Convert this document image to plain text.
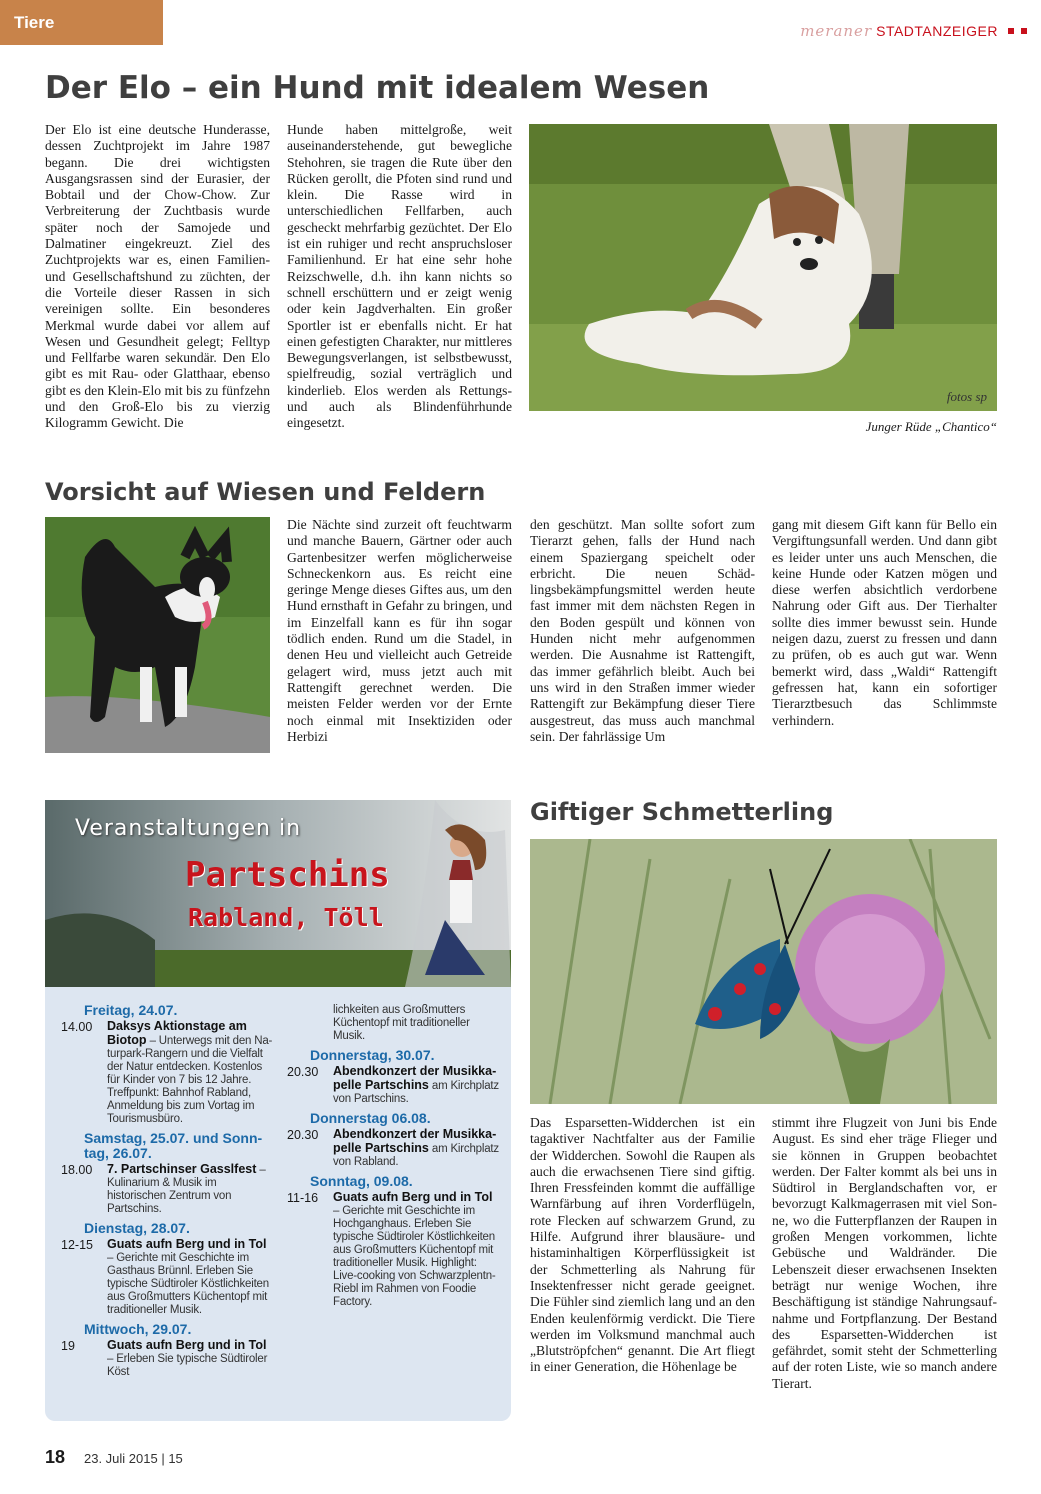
Tiere	meraner STADTANZEIGER
Der Elo – ein Hund mit idealem Wesen
Der Elo ist eine deutsche Hunderasse, dessen Zuchtprojekt im Jahre 1987 begann. Die drei wichtigsten Ausgangsrassen sind der Eurasier, der Bobtail und der Chow-Chow. Zur Verbreiterung der Zuchtbasis wurde später noch der Samojede und Dalmatiner eingekreuzt. Ziel des Zuchtprojekts war es, einen Familien- und Gesellschaftshund zu züchten, der die Vorteile dieser Rassen in sich vereinigen sollte. Ein besonderes Merkmal wurde dabei vor allem auf Wesen und Gesundheit gelegt; Felltyp und Fellfarbe waren sekundär. Den Elo gibt es mit Rau- oder Glatthaar, ebenso gibt es den Klein-Elo mit bis zu fünfzehn und den Groß-Elo bis zu vierzig Kilogramm Gewicht. Die
Hunde haben mittelgroße, weit auseinanderstehende, gut bewegliche Stehohren, sie tragen die Rute über den Rücken gerollt, die Pfoten sind rund und klein. Die Rasse wird in unterschiedlichen Fellfarben, auch gescheckt mehrfarbig gezüchtet. Der Elo ist ein ruhiger und recht anspruchsloser Familienhund. Er hat eine sehr hohe Reizschwelle, d.h. ihn kann nichts so schnell erschüttern und er zeigt wenig oder kein Jagdverhalten. Ein großer Sportler ist er ebenfalls nicht. Er hat einen gefestigten Charakter, nur mittleres Bewegungsverlangen, ist selbstbewusst, spielfreudig, sozial verträglich und kinderlieb. Elos werden als Rettungs- und auch als Blindenführhunde eingesetzt.
fotos sp
Junger Rüde „Chantico“
Vorsicht auf Wiesen und Feldern
Die Nächte sind zurzeit oft feuchtwarm und manche Bauern, Gärtner oder auch Gartenbesitzer werfen möglicherweise Schneckenkorn aus. Es reicht eine geringe Menge dieses Giftes aus, um den Hund ernsthaft in Gefahr zu bringen, und im Einzelfall kann es für ihn sogar tödlich enden. Rund um die Stadel, in denen Heu und vielleicht auch Getreide gelagert wird, muss jetzt auch mit Rattengift gerechnet werden. Die meisten Felder werden vor der Ernte noch einmal mit Insektiziden oder Herbizi
den geschützt. Man sollte sofort zum Tierarzt gehen, falls der Hund nach einem Spaziergang speichelt oder erbricht. Die neuen Schädlingsbekämpfungsmittel werden heute fast immer mit dem nächsten Regen in den Boden gespült und können von Hunden nicht mehr aufgenommen werden. Die Ausnahme ist Rattengift, das immer gefährlich bleibt. Auch bei uns wird in den Straßen immer wieder Rattengift zur Bekämpfung dieser Tiere ausgestreut, das muss auch manchmal sein. Der fahrlässige Um
gang mit diesem Gift kann für Bello ein Vergiftungsunfall werden. Und dann gibt es leider unter uns auch Menschen, die keine Hunde oder Katzen mögen und diese werfen absichtlich verdorbene Nahrung oder Gift aus. Der Tierhalter sollte dies immer bewusst sein. Hunde neigen dazu, zuerst zu fressen und dann zu prüfen, ob es auch gut war. Wenn bemerkt wird, dass „Waldi“ Rattengift gefressen hat, kann ein sofortiger Tierarztbesuch das Schlimmste verhindern.
Veranstaltungen in
Partschins
Rabland, Töll
Freitag, 24.07.
14.00	Daksys Aktionstage am Biotop – Unterwegs mit den Naturpark-Rangern und die Vielfalt der Natur entdecken. Kostenlos für Kinder von 7 bis 12 Jahre. Treffpunkt: Bahnhof Rabland, Anmeldung bis zum Vortag im Tourismusbüro.
Samstag, 25.07. und Sonntag, 26.07.
18.00	7. Partschinser Gasslfest – Kulinarium & Musik im historischen Zentrum von Partschins.
Dienstag, 28.07.
12-15	Guats aufn Berg und in Tol – Gerichte mit Geschichte im Gasthaus Brünnl. Erleben Sie typische Südtiroler Köstlichkeiten aus Großmutters Küchentopf mit traditioneller Musik.
Mittwoch, 29.07.
19	Guats aufn Berg und in Tol – Erleben Sie typische Südtiroler Köst
lichkeiten aus Großmutters Küchentopf mit traditioneller Musik.
Donnerstag, 30.07.
20.30	Abendkonzert der Musikkapelle Partschins am Kirchplatz von Partschins.
Donnerstag 06.08.
20.30	Abendkonzert der Musikkapelle Partschins am Kirchplatz von Rabland.
Sonntag, 09.08.
11-16	Guats aufn Berg und in Tol – Gerichte mit Geschichte im Hochganghaus. Erleben Sie typische Südtiroler Köstlichkeiten aus Großmutters Küchentopf mit traditioneller Musik. Highlight: Live-cooking von Schwarzplentn-Riebl im Rahmen von Foodie Factory.
Giftiger Schmetterling
Das Esparsetten-Widderchen ist ein tagaktiver Nachtfalter aus der Familie der Widderchen. Sowohl die Raupen als auch die erwachsenen Tiere sind giftig. Ihren Fressfeinden kommt die auffällige Warnfärbung auf ihren Vorderflügeln, rote Flecken auf schwarzem Grund, zu Hilfe. Aufgrund ihrer blausäure- und histaminhaltigen Körperflüssigkeit ist der Schmetterling als Nahrung für Insektenfresser nicht gerade geeignet. Die Fühler sind ziemlich lang und an den Enden keulenförmig verdickt. Die Tiere werden im Volksmund manchmal auch „Blutströpfchen“ genannt. Die Art fliegt in einer Generation, die Höhenlage be
stimmt ihre Flugzeit von Juni bis Ende August. Es sind eher träge Flieger und sie können in Gruppen beobachtet werden. Der Falter kommt als bei uns in Südtirol in Berglandschaften vor, er bevorzugt Kalkmagerrasen mit viel Sonne, wo die Futterpflanzen der Raupen in großen Mengen vorkommen, lichte Gebüsche und Waldränder. Die Lebenszeit dieser erwachsenen Insekten beträgt nur wenige Wochen, ihre Beschäftigung ist ständige Nahrungsaufnahme und Fortpflanzung. Der Bestand des Esparsetten-Widderchen ist gefährdet, somit steht der Schmetterling auf der roten Liste, wie so manch andere Tierart.
18 23. Juli 2015 | 15
